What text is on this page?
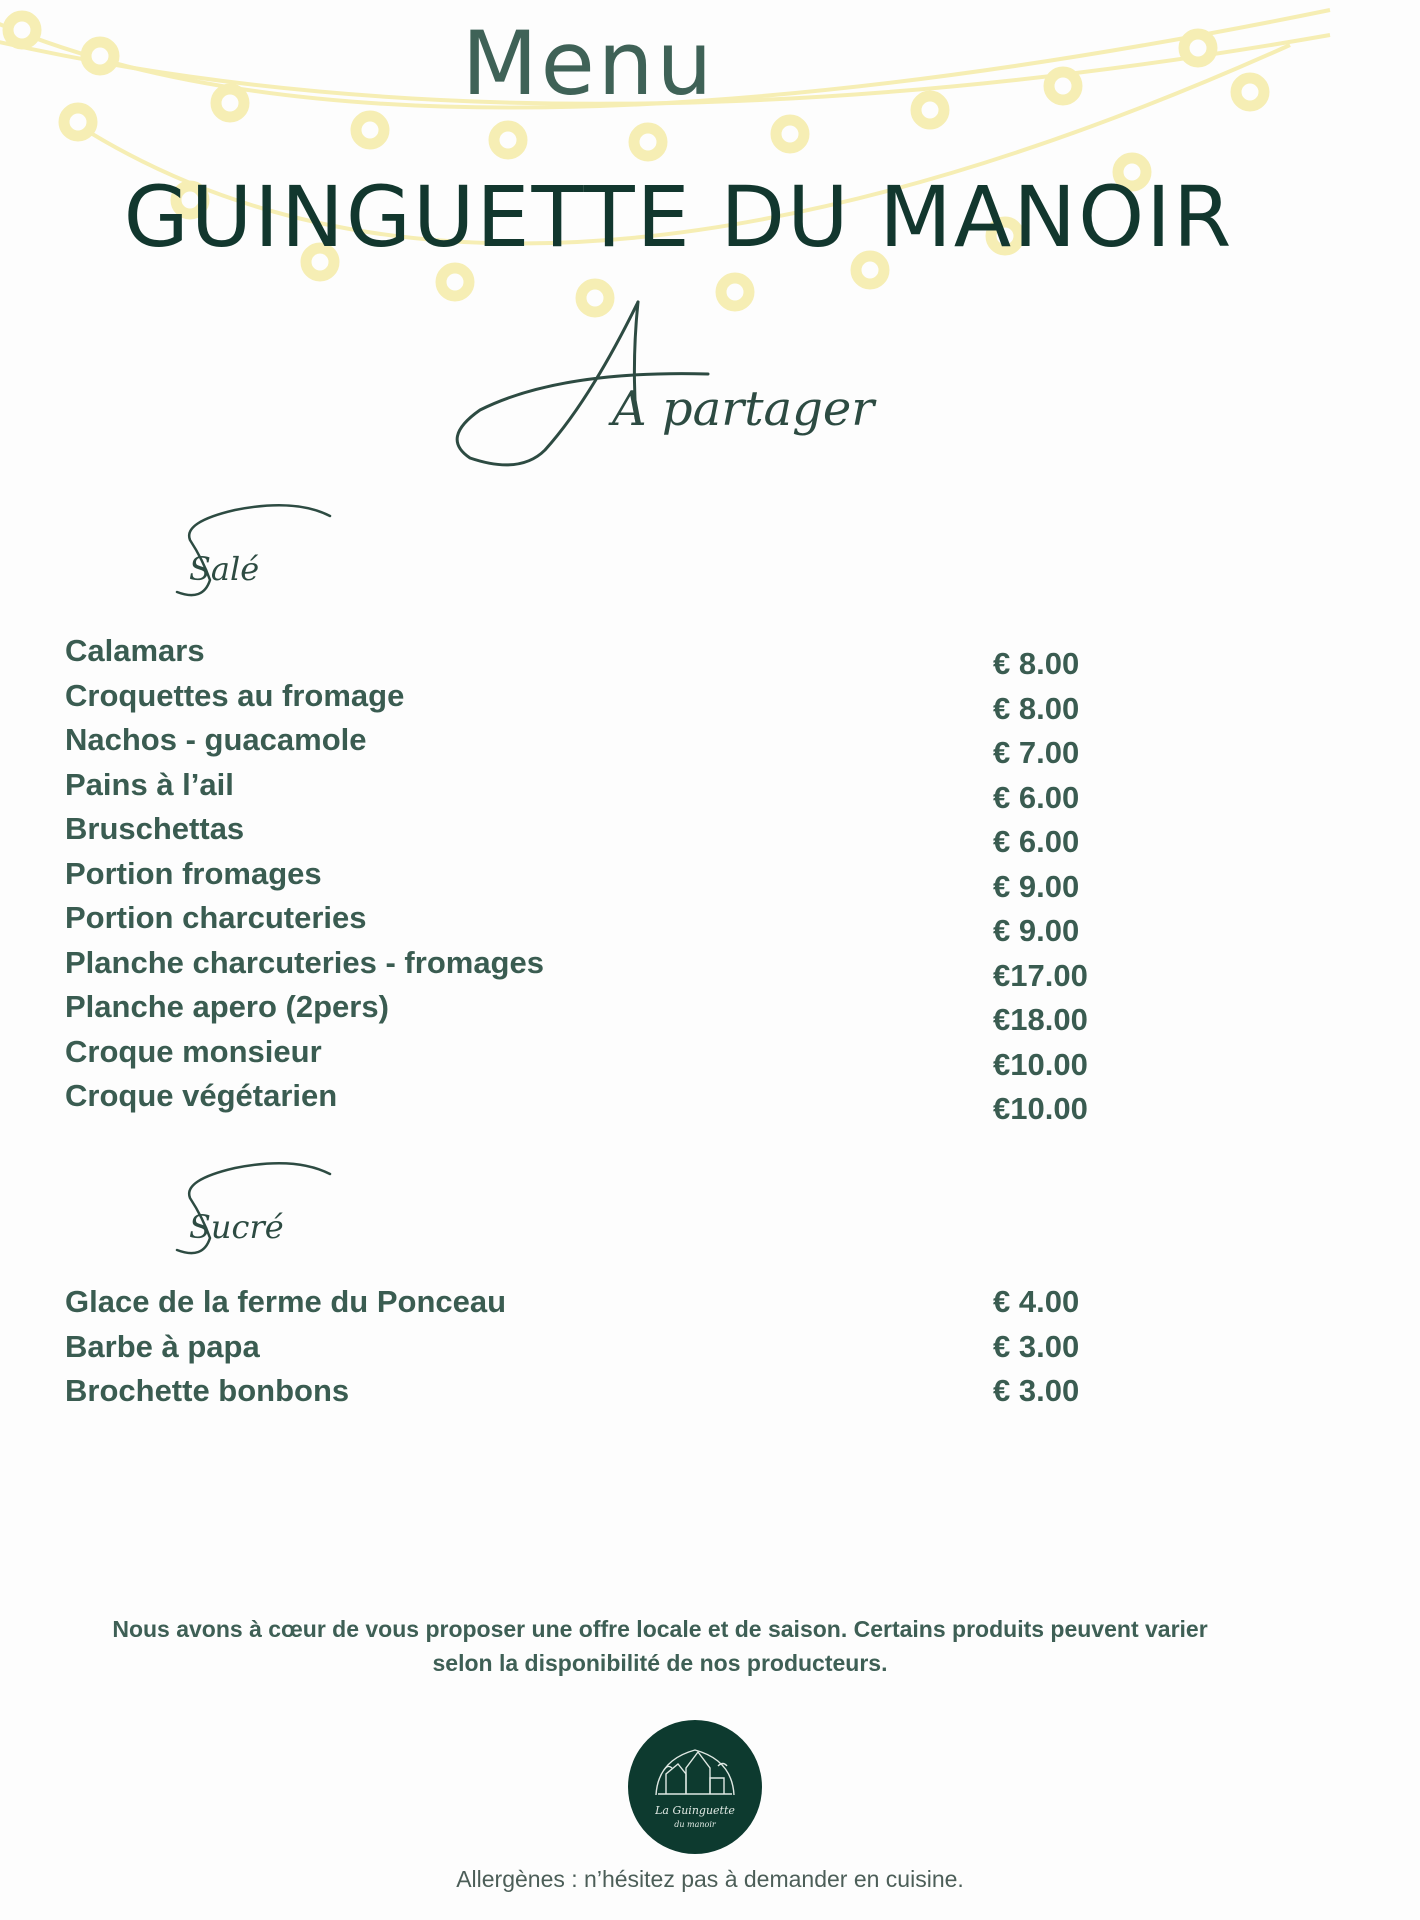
Menu
GUINGUETTE DU MANOIR
A partager
Salé
Calamars	€ 8.00
Croquettes au fromage	€ 8.00
Nachos - guacamole	€ 7.00
Pains à l’ail	€ 6.00
Bruschettas	€ 6.00
Portion fromages	€ 9.00
Portion charcuteries	€ 9.00
Planche charcuteries - fromages	€17.00
Planche apero (2pers)	€18.00
Croque monsieur	€10.00
Croque végétarien	€10.00
Sucré
Glace de la ferme du Ponceau	€ 4.00
Barbe à papa	€ 3.00
Brochette bonbons	€ 3.00

Nous avons à cœur de vous proposer une offre locale et de saison. Certains produits peuvent varier
selon la disponibilité de nos producteurs.

La Guinguette
du manoir

Allergènes : n’hésitez pas à demander en cuisine.
